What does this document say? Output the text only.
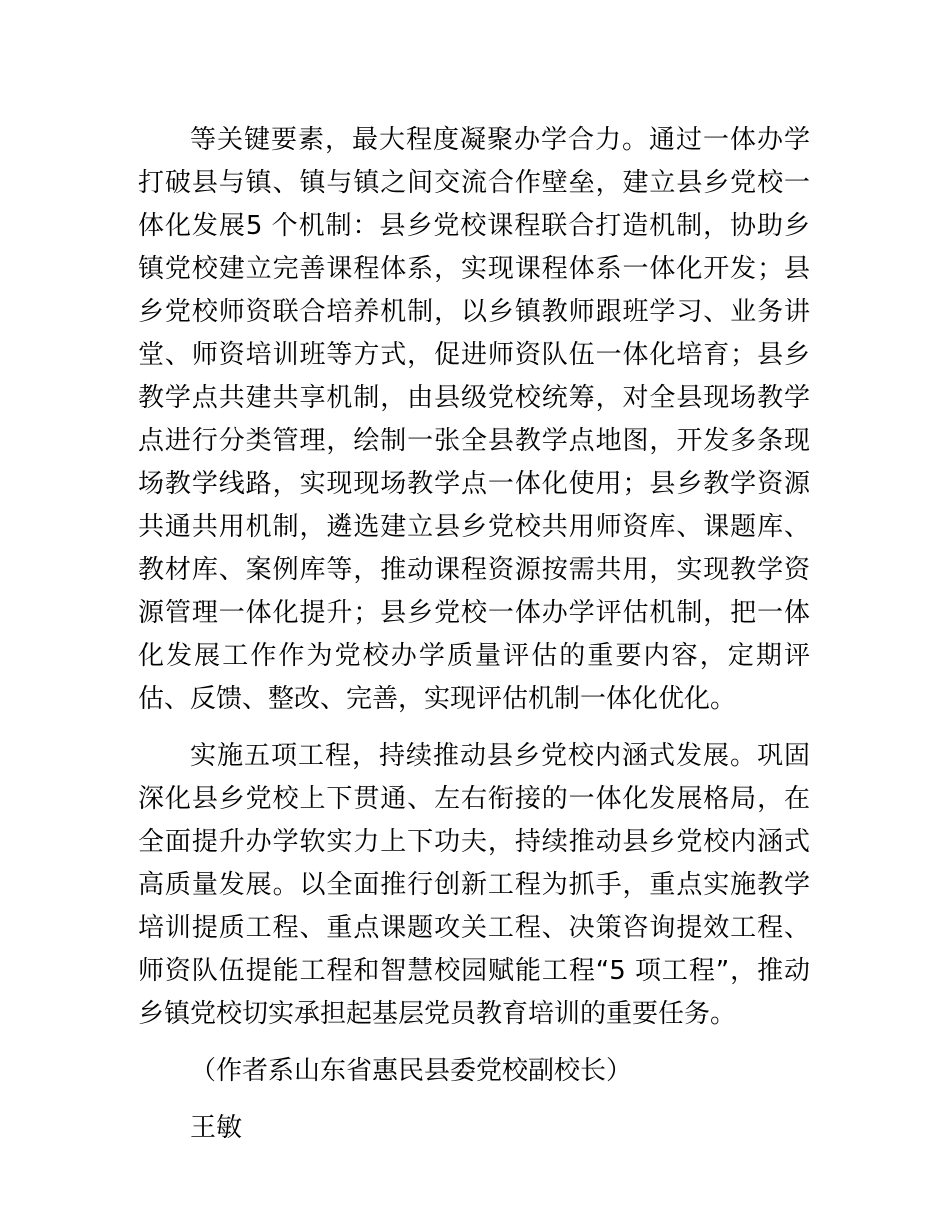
等关键要素，最大程度凝聚办学合力。通过一体办学打破县与镇、镇与镇之间交流合作壁垒，建立县乡党校一体化发展5 个机制：县乡党校课程联合打造机制，协助乡镇党校建立完善课程体系，实现课程体系一体化开发；县乡党校师资联合培养机制，以乡镇教师跟班学习、业务讲堂、师资培训班等方式，促进师资队伍一体化培育；县乡教学点共建共享机制，由县级党校统筹，对全县现场教学点进行分类管理，绘制一张全县教学点地图，开发多条现场教学线路，实现现场教学点一体化使用；县乡教学资源共通共用机制，遴选建立县乡党校共用师资库、课题库、教材库、案例库等，推动课程资源按需共用，实现教学资源管理一体化提升；县乡党校一体办学评估机制，把一体化发展工作作为党校办学质量评估的重要内容，定期评估、反馈、整改、完善，实现评估机制一体化优化。

实施五项工程，持续推动县乡党校内涵式发展。巩固深化县乡党校上下贯通、左右衔接的一体化发展格局，在全面提升办学软实力上下功夫，持续推动县乡党校内涵式高质量发展。以全面推行创新工程为抓手，重点实施教学培训提质工程、重点课题攻关工程、决策咨询提效工程、师资队伍提能工程和智慧校园赋能工程“5 项工程”，推动乡镇党校切实承担起基层党员教育培训的重要任务。

（作者系山东省惠民县委党校副校长）

王敏
